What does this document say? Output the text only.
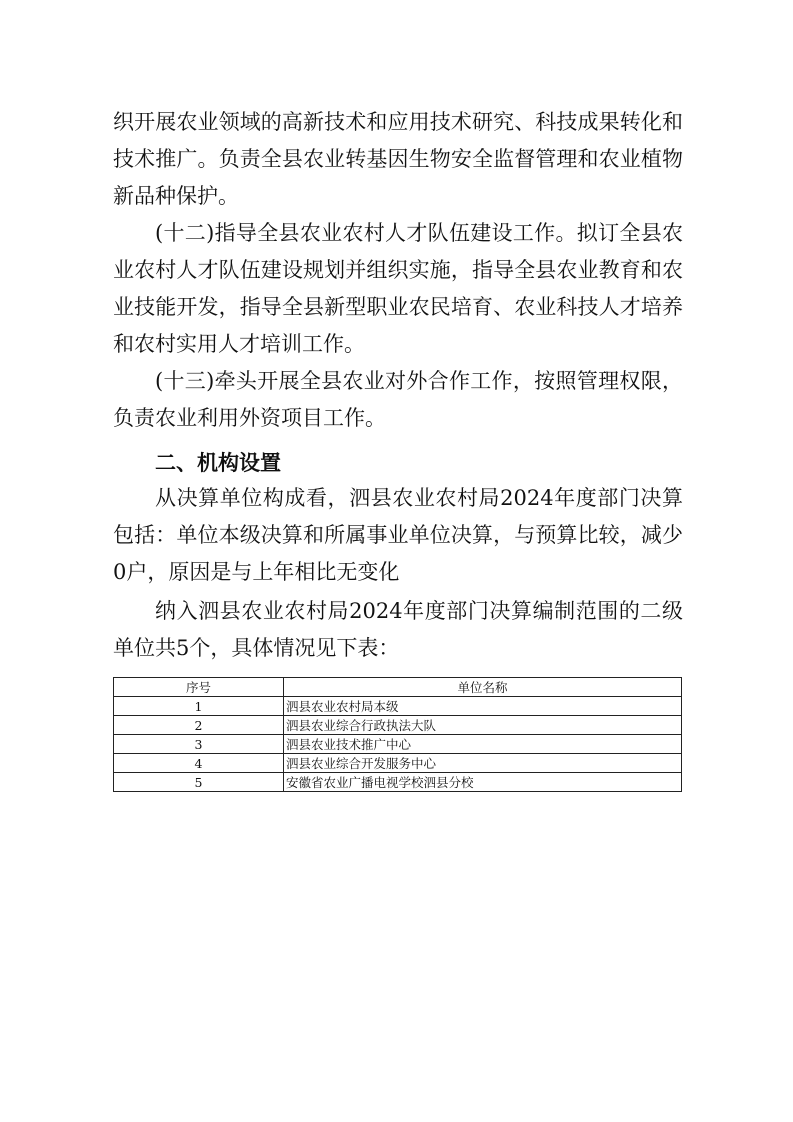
织开展农业领域的高新技术和应用技术研究、科技成果转化和技术推广。负责全县农业转基因生物安全监督管理和农业植物新品种保护。

(十二)指导全县农业农村人才队伍建设工作。拟订全县农业农村人才队伍建设规划并组织实施，指导全县农业教育和农业技能开发，指导全县新型职业农民培育、农业科技人才培养和农村实用人才培训工作。

(十三)牵头开展全县农业对外合作工作，按照管理权限，负责农业利用外资项目工作。

二、机构设置

从决算单位构成看，泗县农业农村局2024年度部门决算包括：单位本级决算和所属事业单位决算，与预算比较，减少0户，原因是与上年相比无变化

纳入泗县农业农村局2024年度部门决算编制范围的二级单位共5个，具体情况见下表：

序号	单位名称
1	泗县农业农村局本级
2	泗县农业综合行政执法大队
3	泗县农业技术推广中心
4	泗县农业综合开发服务中心
5	安徽省农业广播电视学校泗县分校
